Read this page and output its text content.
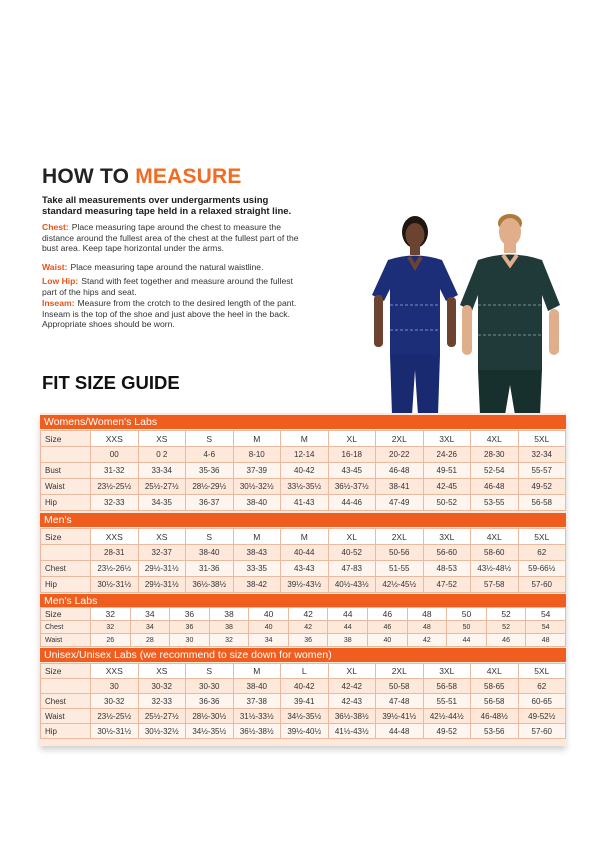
HOW TO MEASURE
Take all measurements over undergarments using standard measuring tape held in a relaxed straight line.
Chest: Place measuring tape around the chest to measure the distance around the fullest area of the chest at the fullest part of the bust area. Keep tape horizontal under the arms.
Waist: Place measuring tape around the natural waistline.
Low Hip: Stand with feet together and measure around the fullest part of the hips and seat.
Inseam: Measure from the crotch to the desired length of the pant. Inseam is the top of the shoe and just above the heel in the back. Appropriate shoes should be worn.
FIT SIZE GUIDE
Womens/Women's Labs
Size	XXS	XS	S	M	M	XL	2XL	3XL	4XL	5XL
	00	0 2	4-6	8-10	12-14	16-18	20-22	24-26	28-30	32-34
Bust	31-32	33-34	35-36	37-39	40-42	43-45	46-48	49-51	52-54	55-57
Waist	23½-25½	25½-27½	28½-29½	30½-32½	33½-35½	36½-37½	38-41	42-45	46-48	49-52
Hip	32-33	34-35	36-37	38-40	41-43	44-46	47-49	50-52	53-55	56-58
Men's
Size	XXS	XS	S	M	M	XL	2XL	3XL	4XL	5XL
	28-31	32-37	38-40	38-43	40-44	40-52	50-56	56-60	58-60	62
Chest	23½-26½	29½-31½	31-36	33-35	43-43	47-83	51-55	48-53	43½-48½	59-66½
Hip	30½-31½	29½-31½	36½-38½	38-42	39½-43½	40½-43½	42½-45½	47-52	57-58	57-60
Men's Labs
Size	32	34	36	38	40	42	44	46	48	50	52	54
Chest	32	34	36	38	40	42	44	46	48	50	52	54
Waist	26	28	30	32	34	36	38	40	42	44	46	48
Unisex/Unisex Labs (we recommend to size down for women)
Size	XXS	XS	S	M	L	XL	2XL	3XL	4XL	5XL
	30	30-32	30-30	38-40	40-42	42-42	50-58	56-58	58-65	62
Chest	30-32	32-33	36-36	37-38	39-41	42-43	47-48	55-51	56-58	60-65
Waist	23½-25½	25½-27½	28½-30½	31½-33½	34½-35½	36½-38½	39½-41½	42½-44½	46-48½	49-52½
Hip	30½-31½	30½-32½	34½-35½	36½-38½	39½-40½	41½-43½	44-48	49-52	53-56	57-60
